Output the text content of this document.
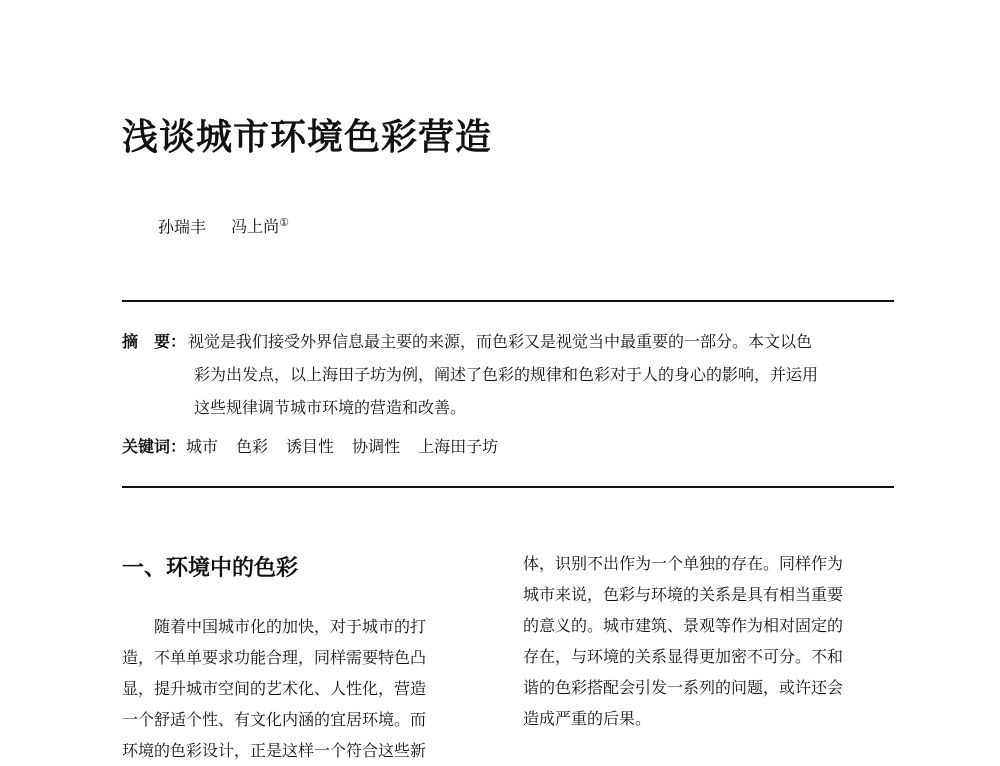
浅谈城市环境色彩营造
孙瑞丰 冯上尚①
摘 要： 视觉是我们接受外界信息最主要的来源，而色彩又是视觉当中最重要的一部分。本文以色
彩为出发点，以上海田子坊为例，阐述了色彩的规律和色彩对于人的身心的影响，并运用
这些规律调节城市环境的营造和改善。
关键词：城市 色彩 诱目性 协调性 上海田子坊
一、环境中的色彩
随着中国城市化的加快，对于城市的打
造，不单单要求功能合理，同样需要特色凸
显，提升城市空间的艺术化、人性化，营造
一个舒适个性、有文化内涵的宜居环境。而
环境的色彩设计，正是这样一个符合这些新
体，识别不出作为一个单独的存在。同样作为
城市来说，色彩与环境的关系是具有相当重要
的意义的。城市建筑、景观等作为相对固定的
存在，与环境的关系显得更加密不可分。不和
谐的色彩搭配会引发一系列的问题，或许还会
造成严重的后果。
